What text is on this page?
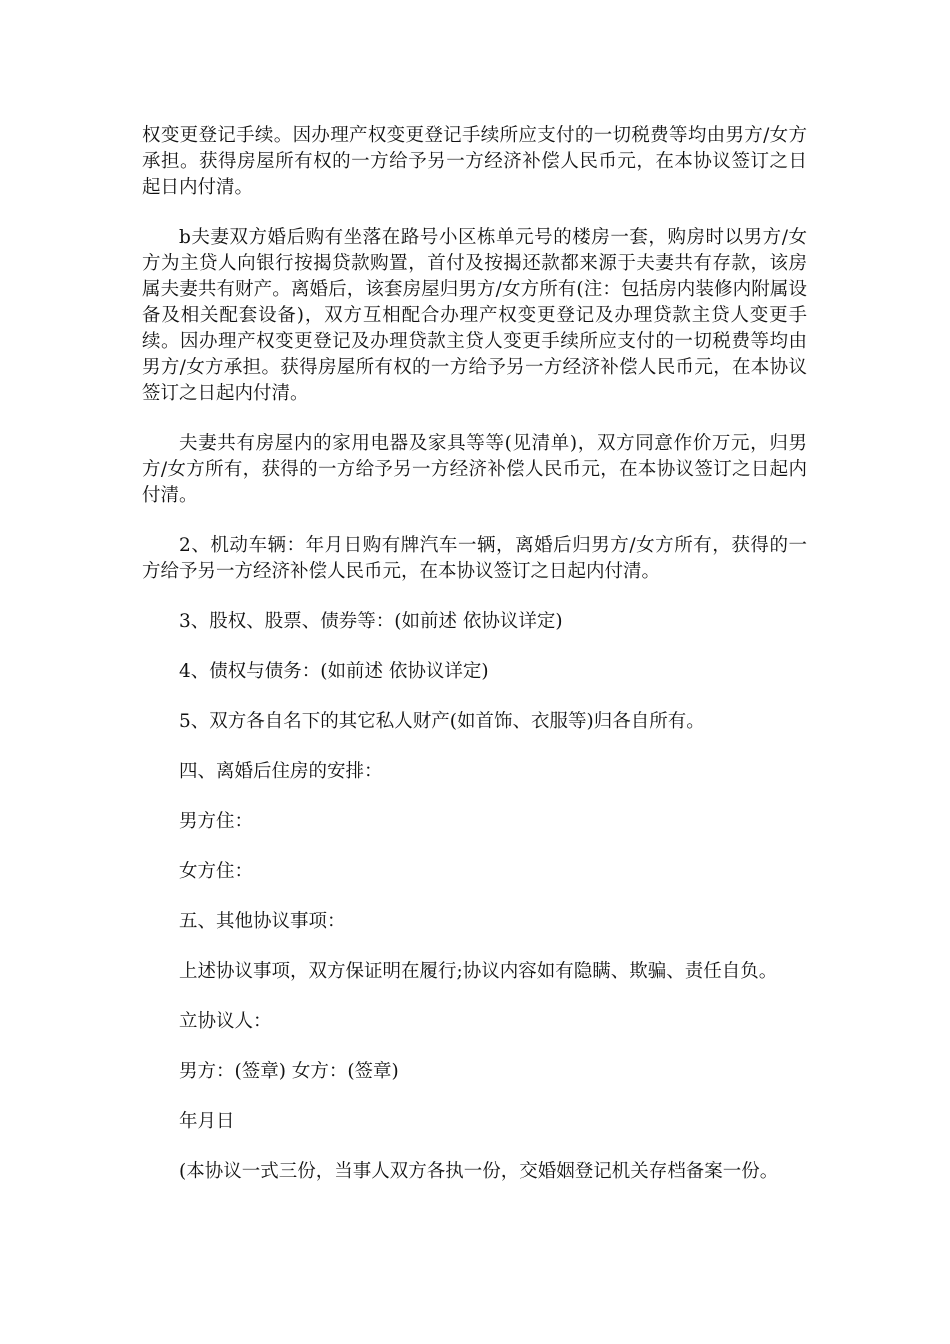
权变更登记手续。因办理产权变更登记手续所应支付的一切税费等均由男方/女方承担。获得房屋所有权的一方给予另一方经济补偿人民币元，在本协议签订之日起日内付清。

b夫妻双方婚后购有坐落在路号小区栋单元号的楼房一套，购房时以男方/女方为主贷人向银行按揭贷款购置，首付及按揭还款都来源于夫妻共有存款，该房属夫妻共有财产。离婚后，该套房屋归男方/女方所有(注：包括房内装修内附属设备及相关配套设备)，双方互相配合办理产权变更登记及办理贷款主贷人变更手续。因办理产权变更登记及办理贷款主贷人变更手续所应支付的一切税费等均由男方/女方承担。获得房屋所有权的一方给予另一方经济补偿人民币元，在本协议签订之日起内付清。

夫妻共有房屋内的家用电器及家具等等(见清单)，双方同意作价万元，归男方/女方所有，获得的一方给予另一方经济补偿人民币元，在本协议签订之日起内付清。

2、机动车辆：年月日购有牌汽车一辆，离婚后归男方/女方所有，获得的一方给予另一方经济补偿人民币元，在本协议签订之日起内付清。

3、股权、股票、债券等：(如前述 依协议详定)

4、债权与债务：(如前述 依协议详定)

5、双方各自名下的其它私人财产(如首饰、衣服等)归各自所有。

四、离婚后住房的安排：

男方住：

女方住：

五、其他协议事项：

上述协议事项，双方保证明在履行;协议内容如有隐瞒、欺骗、责任自负。

立协议人：

男方：(签章) 女方：(签章)

年月日

(本协议一式三份，当事人双方各执一份，交婚姻登记机关存档备案一份。
